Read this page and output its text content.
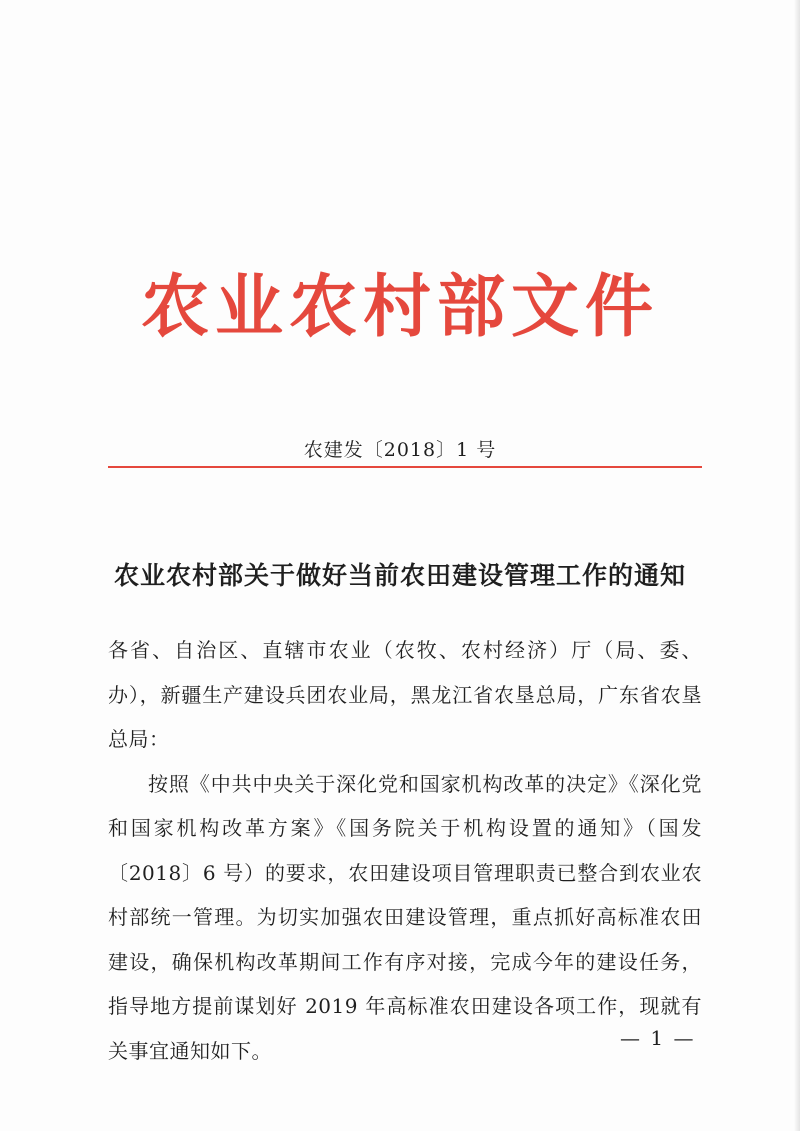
农业农村部文件
农建发〔2018〕1 号
农业农村部关于做好当前农田建设管理工作的通知

各省、自治区、直辖市农业（农牧、农村经济）厅（局、委、办），新疆生产建设兵团农业局，黑龙江省农垦总局，广东省农垦总局：

按照《中共中央关于深化党和国家机构改革的决定》《深化党和国家机构改革方案》《国务院关于机构设置的通知》（国发〔2018〕6 号）的要求，农田建设项目管理职责已整合到农业农村部统一管理。为切实加强农田建设管理，重点抓好高标准农田建设，确保机构改革期间工作有序对接，完成今年的建设任务，指导地方提前谋划好 2019 年高标准农田建设各项工作，现就有关事宜通知如下。

— 1 —
